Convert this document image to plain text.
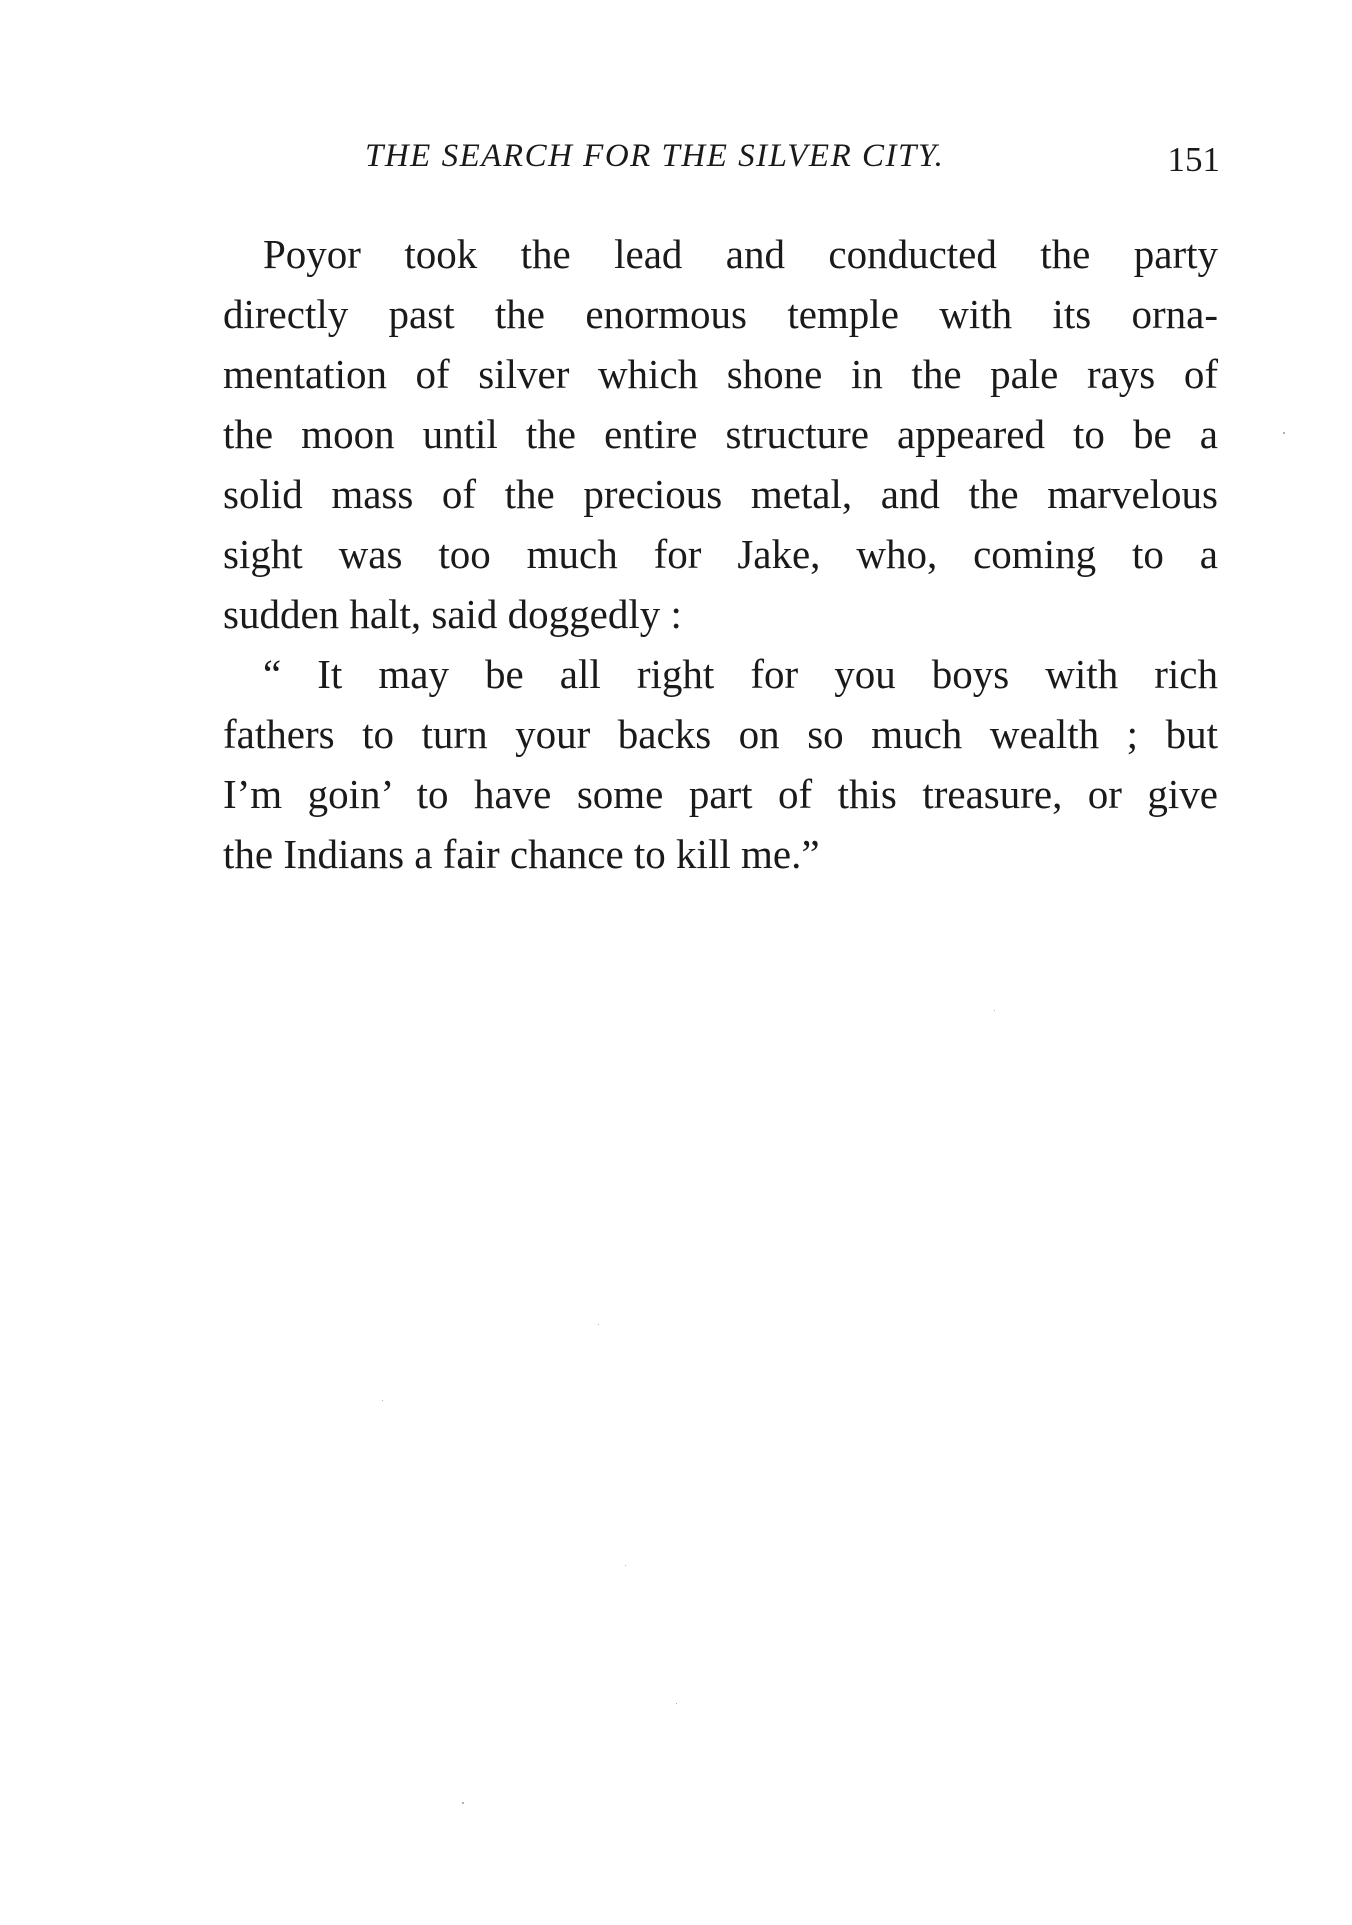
THE SEARCH FOR THE SILVER CITY.	151
Poyor took the lead and conducted the party
directly past the enormous temple with its orna-
mentation of silver which shone in the pale rays of
the moon until the entire structure appeared to be a
solid mass of the precious metal, and the marvelous
sight was too much for Jake, who, coming to a
sudden halt, said doggedly :
“ It may be all right for you boys with rich
fathers to turn your backs on so much wealth ; but
I’m goin’ to have some part of this treasure, or give
the Indians a fair chance to kill me.”
